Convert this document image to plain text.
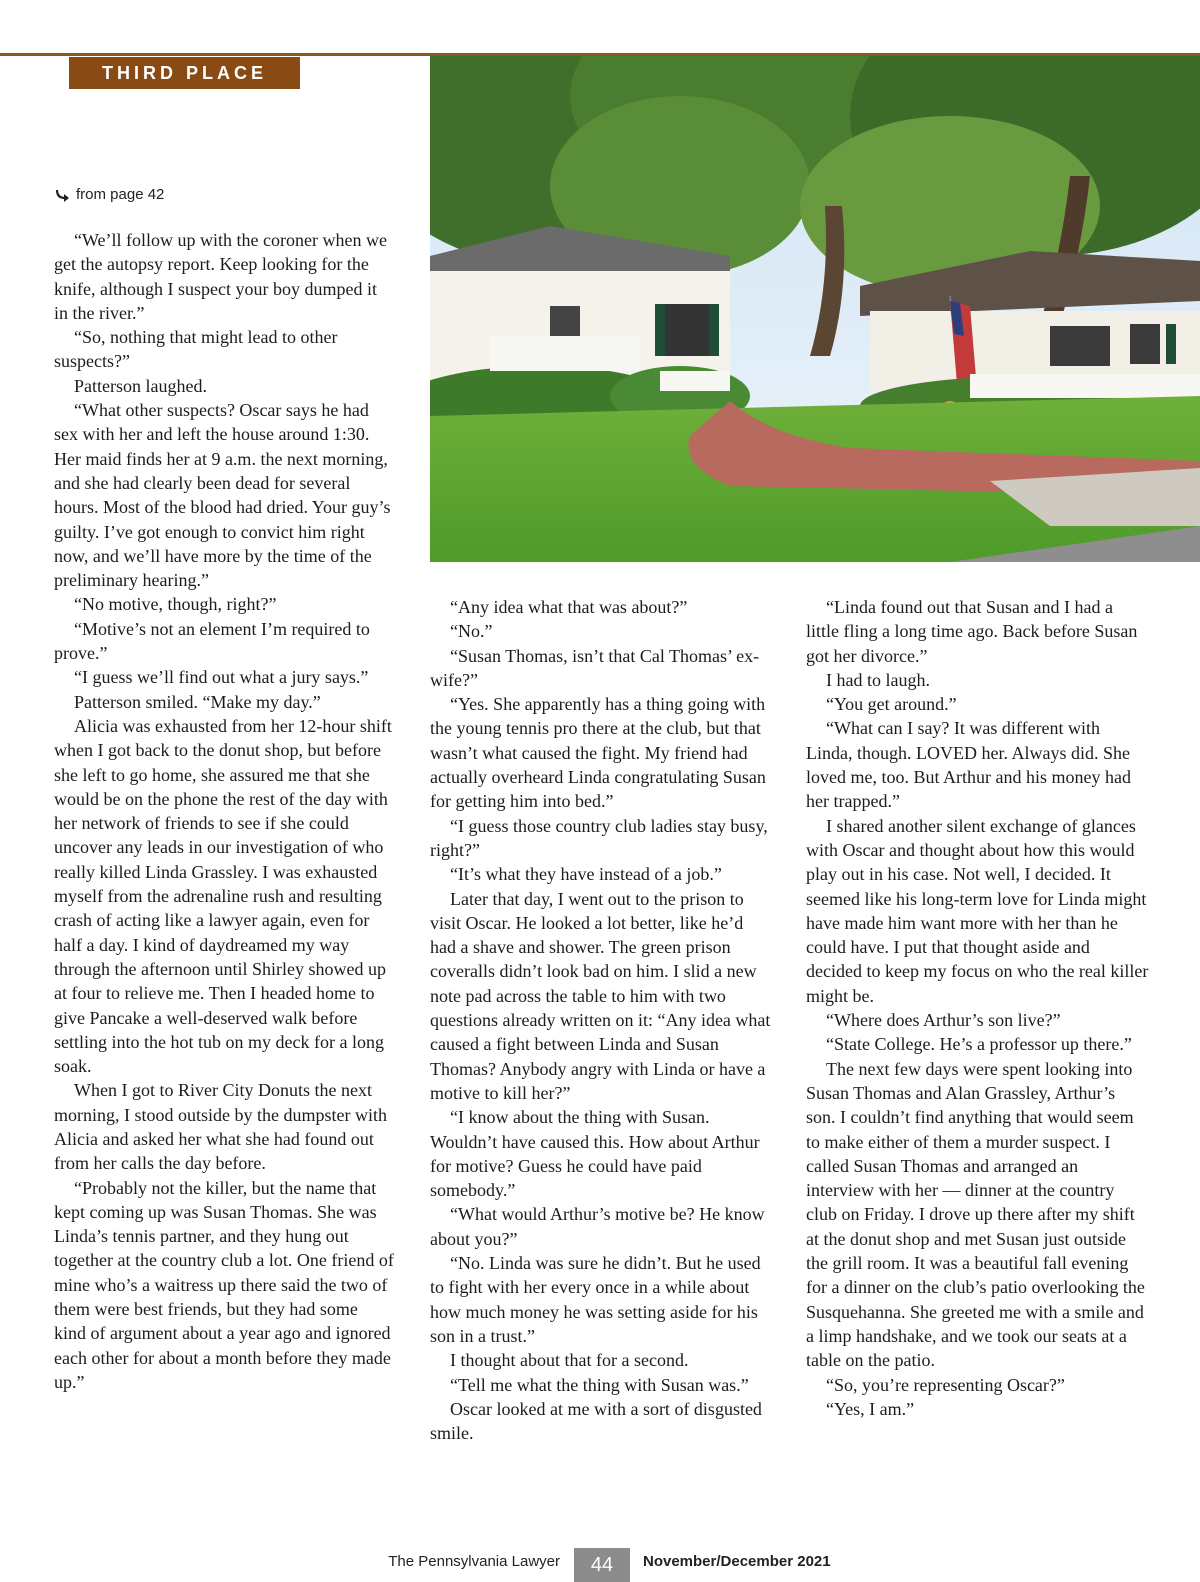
THIRD PLACE
from page 42

“We’ll follow up with the coroner when we get the autopsy report. Keep looking for the knife, although I suspect your boy dumped it in the river.”

“So, nothing that might lead to other suspects?”

Patterson laughed.

“What other suspects? Oscar says he had sex with her and left the house around 1:30. Her maid finds her at 9 a.m. the next morning, and she had clearly been dead for several hours. Most of the blood had dried. Your guy’s guilty. I’ve got enough to convict him right now, and we’ll have more by the time of the preliminary hearing.”

“No motive, though, right?”

“Motive’s not an element I’m required to prove.”

“I guess we’ll find out what a jury says.”

Patterson smiled. “Make my day.”

Alicia was exhausted from her 12-hour shift when I got back to the donut shop, but before she left to go home, she assured me that she would be on the phone the rest of the day with her network of friends to see if she could uncover any leads in our investigation of who really killed Linda Grassley. I was exhausted myself from the adrenaline rush and resulting crash of acting like a lawyer again, even for half a day. I kind of daydreamed my way through the afternoon until Shirley showed up at four to relieve me. Then I headed home to give Pancake a well-deserved walk before settling into the hot tub on my deck for a long soak.

When I got to River City Donuts the next morning, I stood outside by the dumpster with Alicia and asked her what she had found out from her calls the day before.

“Probably not the killer, but the name that kept coming up was Susan Thomas. She was Linda’s tennis partner, and they hung out together at the country club a lot. One friend of mine who’s a waitress up there said the two of them were best friends, but they had some kind of argument about a year ago and ignored each other for about a month before they made up.”

“Any idea what that was about?”

“No.”

“Susan Thomas, isn’t that Cal Thomas’ ex-wife?”

“Yes. She apparently has a thing going with the young tennis pro there at the club, but that wasn’t what caused the fight. My friend had actually overheard Linda congratulating Susan for getting him into bed.”

“I guess those country club ladies stay busy, right?”

“It’s what they have instead of a job.”

Later that day, I went out to the prison to visit Oscar. He looked a lot better, like he’d had a shave and shower. The green prison coveralls didn’t look bad on him. I slid a new note pad across the table to him with two questions already written on it: “Any idea what caused a fight between Linda and Susan Thomas? Anybody angry with Linda or have a motive to kill her?”

“I know about the thing with Susan. Wouldn’t have caused this. How about Arthur for motive? Guess he could have paid somebody.”

“What would Arthur’s motive be? He know about you?”

“No. Linda was sure he didn’t. But he used to fight with her every once in a while about how much money he was setting aside for his son in a trust.”

I thought about that for a second.

“Tell me what the thing with Susan was.”

Oscar looked at me with a sort of disgusted smile.

“Linda found out that Susan and I had a little fling a long time ago. Back before Susan got her divorce.”

I had to laugh.

“You get around.”

“What can I say? It was different with Linda, though. LOVED her. Always did. She loved me, too. But Arthur and his money had her trapped.”

I shared another silent exchange of glances with Oscar and thought about how this would play out in his case. Not well, I decided. It seemed like his long-term love for Linda might have made him want more with her than he could have. I put that thought aside and decided to keep my focus on who the real killer might be.

“Where does Arthur’s son live?”

“State College. He’s a professor up there.”

The next few days were spent looking into Susan Thomas and Alan Grassley, Arthur’s son. I couldn’t find anything that would seem to make either of them a murder suspect. I called Susan Thomas and arranged an interview with her — dinner at the country club on Friday. I drove up there after my shift at the donut shop and met Susan just outside the grill room. It was a beautiful fall evening for a dinner on the club’s patio overlooking the Susquehanna. She greeted me with a smile and a limp handshake, and we took our seats at a table on the patio.

“So, you’re representing Oscar?”

“Yes, I am.”

The Pennsylvania Lawyer	44	November/December 2021
